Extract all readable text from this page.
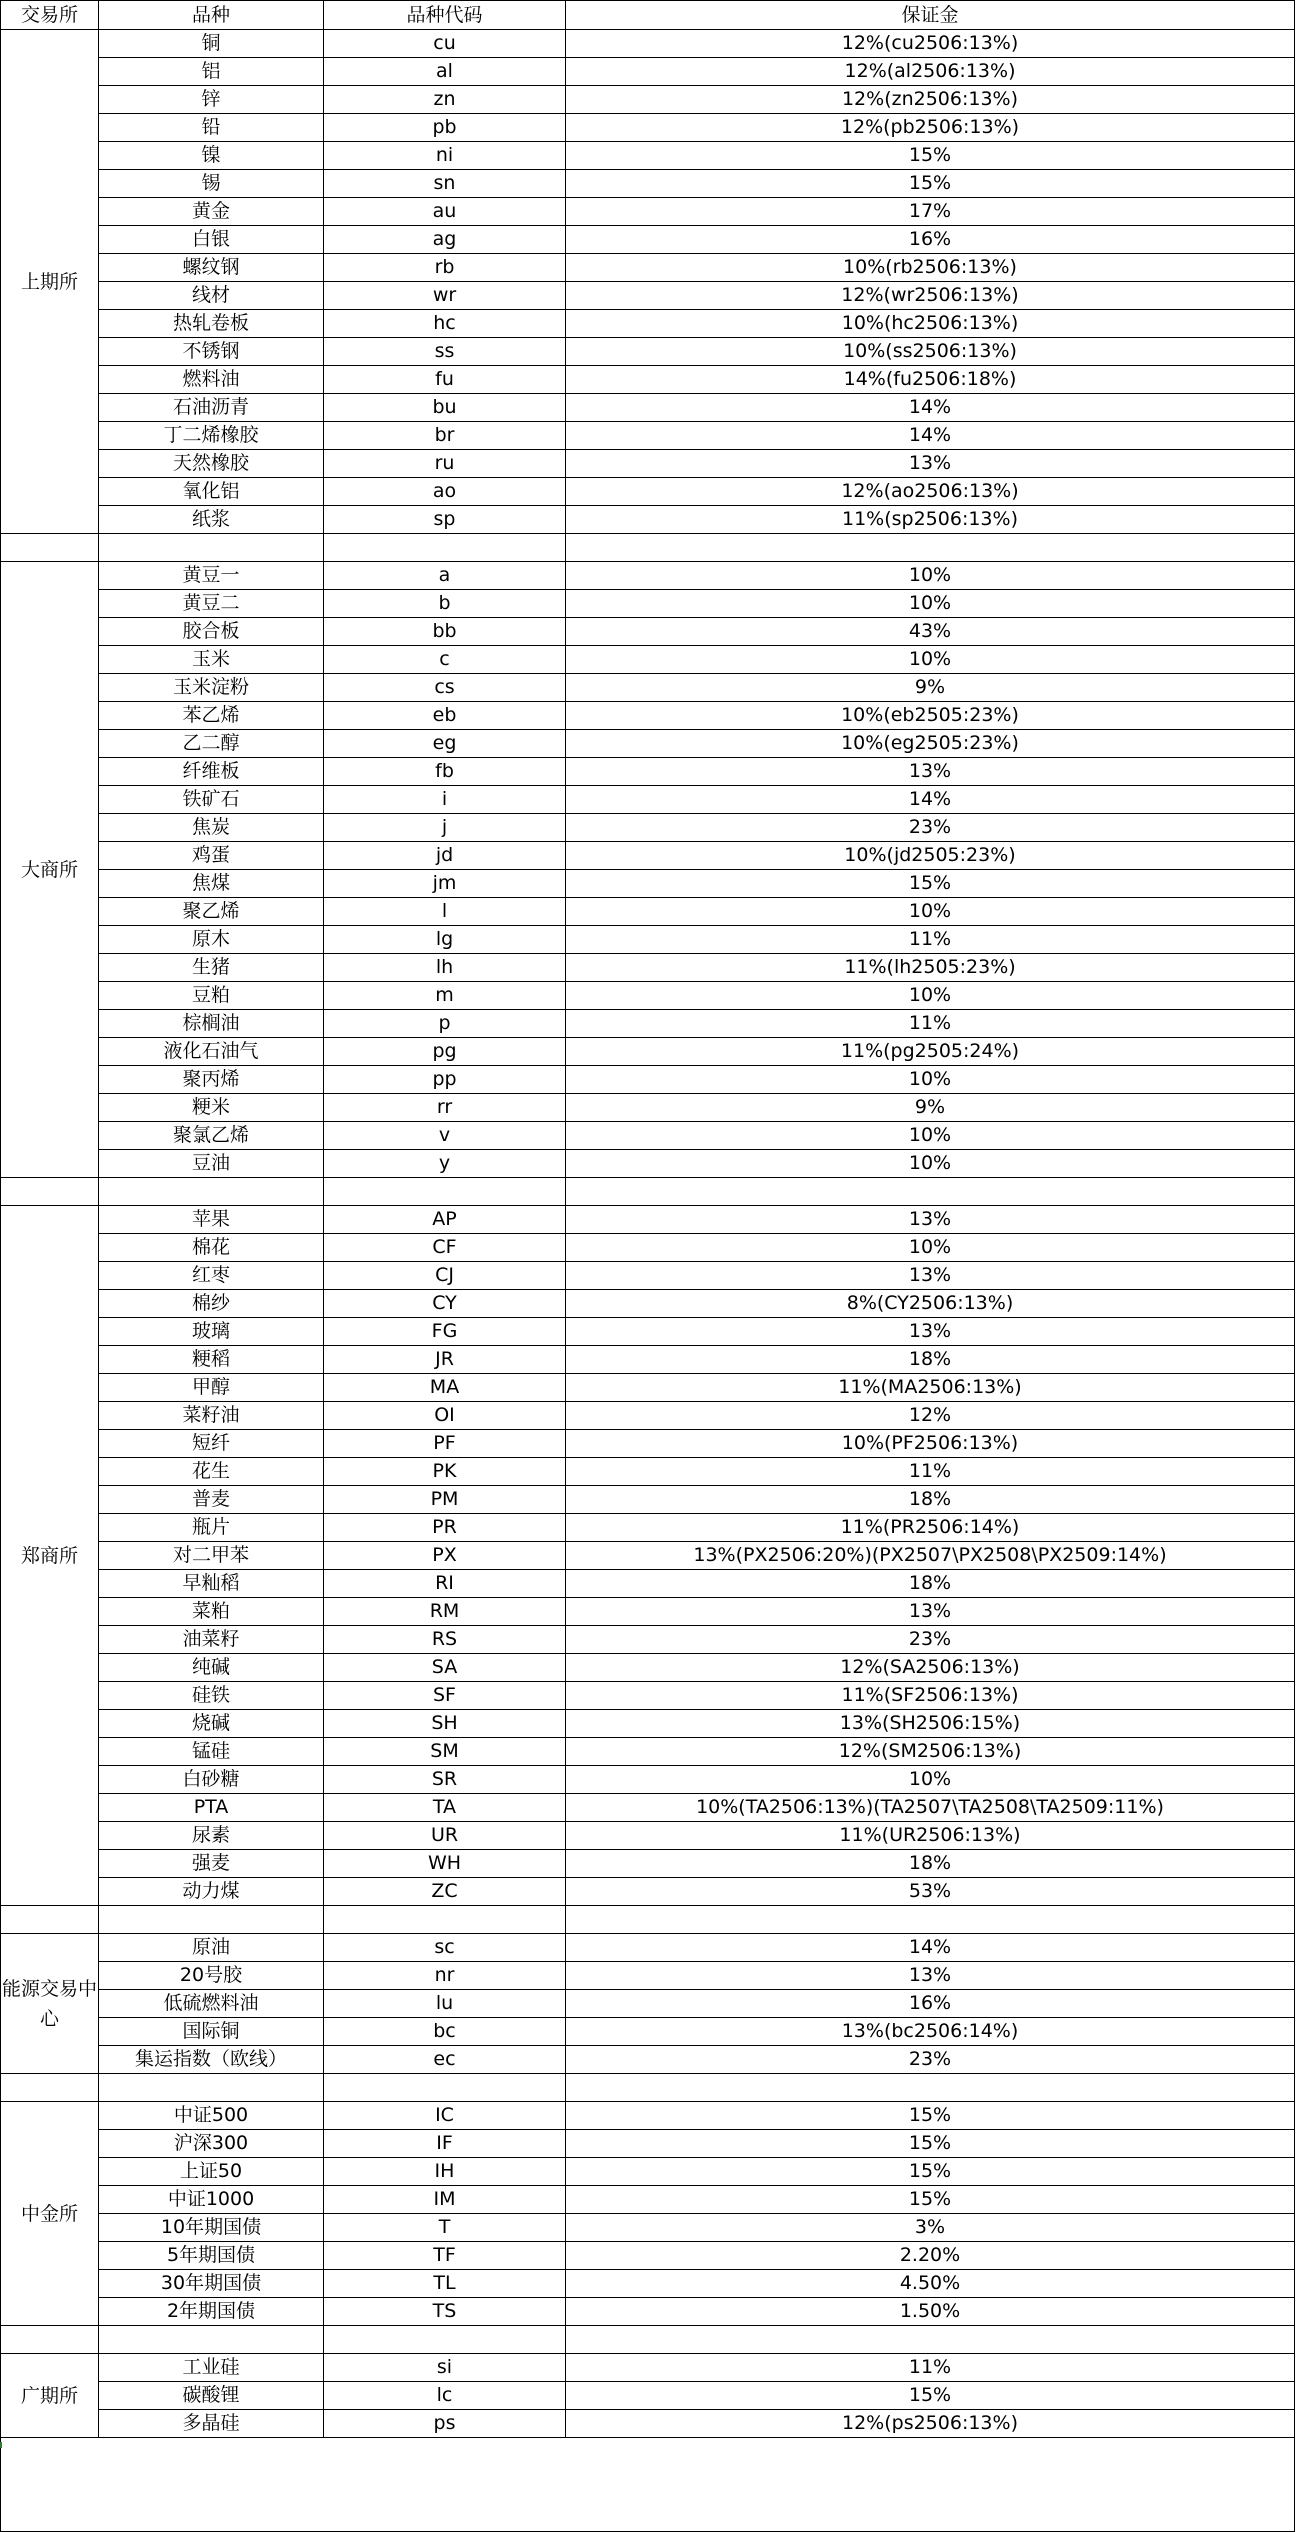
交易所	品种	品种代码	保证金
上期所	铜	cu	12%(cu2506:13%)
	铝	al	12%(al2506:13%)
	锌	zn	12%(zn2506:13%)
	铅	pb	12%(pb2506:13%)
	镍	ni	15%
	锡	sn	15%
	黄金	au	17%
	白银	ag	16%
	螺纹钢	rb	10%(rb2506:13%)
	线材	wr	12%(wr2506:13%)
	热轧卷板	hc	10%(hc2506:13%)
	不锈钢	ss	10%(ss2506:13%)
	燃料油	fu	14%(fu2506:18%)
	石油沥青	bu	14%
	丁二烯橡胶	br	14%
	天然橡胶	ru	13%
	氧化铝	ao	12%(ao2506:13%)
	纸浆	sp	11%(sp2506:13%)

大商所	黄豆一	a	10%
	黄豆二	b	10%
	胶合板	bb	43%
	玉米	c	10%
	玉米淀粉	cs	9%
	苯乙烯	eb	10%(eb2505:23%)
	乙二醇	eg	10%(eg2505:23%)
	纤维板	fb	13%
	铁矿石	i	14%
	焦炭	j	23%
	鸡蛋	jd	10%(jd2505:23%)
	焦煤	jm	15%
	聚乙烯	l	10%
	原木	lg	11%
	生猪	lh	11%(lh2505:23%)
	豆粕	m	10%
	棕榈油	p	11%
	液化石油气	pg	11%(pg2505:24%)
	聚丙烯	pp	10%
	粳米	rr	9%
	聚氯乙烯	v	10%
	豆油	y	10%

郑商所	苹果	AP	13%
	棉花	CF	10%
	红枣	CJ	13%
	棉纱	CY	8%(CY2506:13%)
	玻璃	FG	13%
	粳稻	JR	18%
	甲醇	MA	11%(MA2506:13%)
	菜籽油	OI	12%
	短纤	PF	10%(PF2506:13%)
	花生	PK	11%
	普麦	PM	18%
	瓶片	PR	11%(PR2506:14%)
	对二甲苯	PX	13%(PX2506:20%)(PX2507\PX2508\PX2509:14%)
	早籼稻	RI	18%
	菜粕	RM	13%
	油菜籽	RS	23%
	纯碱	SA	12%(SA2506:13%)
	硅铁	SF	11%(SF2506:13%)
	烧碱	SH	13%(SH2506:15%)
	锰硅	SM	12%(SM2506:13%)
	白砂糖	SR	10%
	PTA	TA	10%(TA2506:13%)(TA2507\TA2508\TA2509:11%)
	尿素	UR	11%(UR2506:13%)
	强麦	WH	18%
	动力煤	ZC	53%

能源交易中心	原油	sc	14%
	20号胶	nr	13%
	低硫燃料油	lu	16%
	国际铜	bc	13%(bc2506:14%)
	集运指数（欧线）	ec	23%

中金所	中证500	IC	15%
	沪深300	IF	15%
	上证50	IH	15%
	中证1000	IM	15%
	10年期国债	T	3%
	5年期国债	TF	2.20%
	30年期国债	TL	4.50%
	2年期国债	TS	1.50%

广期所	工业硅	si	11%
	碳酸锂	lc	15%
	多晶硅	ps	12%(ps2506:13%)
